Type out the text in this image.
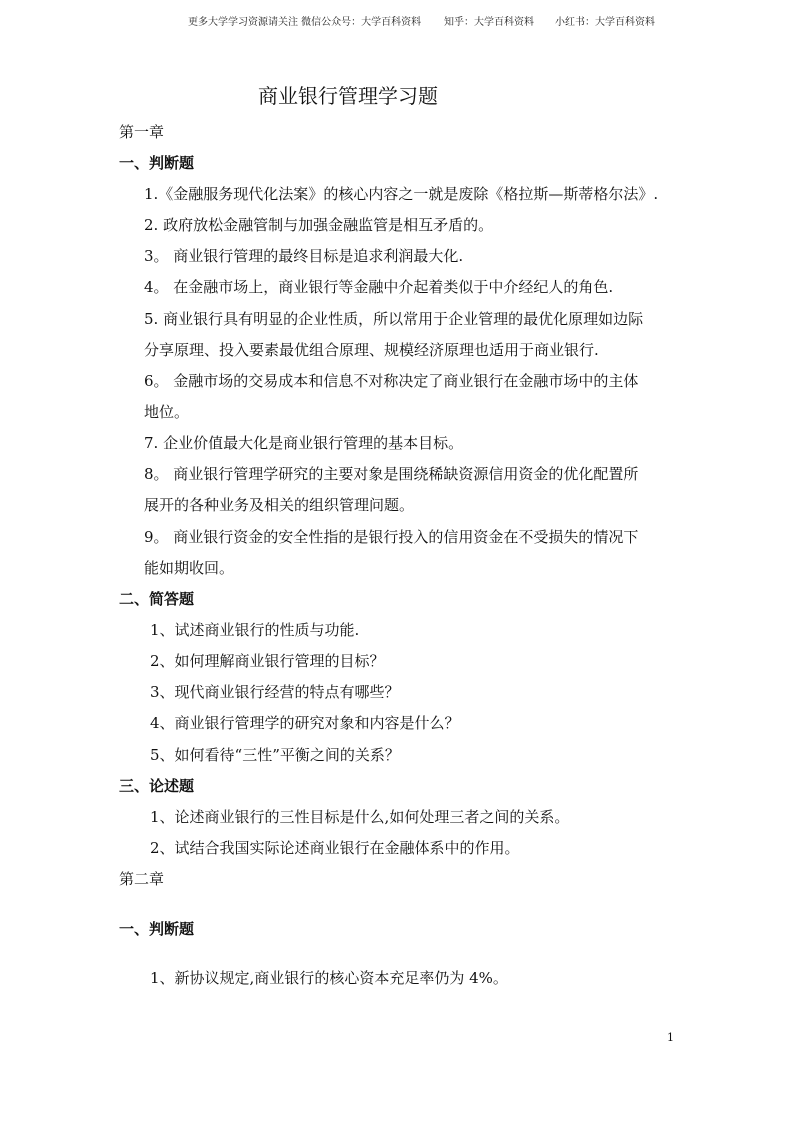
更多大学学习资源请关注 微信公众号：大学百科资料 知乎：大学百科资料 小红书：大学百科资料
商业银行管理学习题
第一章
一、判断题
1.《金融服务现代化法案》的核心内容之一就是废除《格拉斯—斯蒂格尔法》.
2. 政府放松金融管制与加强金融监管是相互矛盾的。
3。 商业银行管理的最终目标是追求利润最大化.
4。 在金融市场上，商业银行等金融中介起着类似于中介经纪人的角色.
5. 商业银行具有明显的企业性质，所以常用于企业管理的最优化原理如边际
分享原理、投入要素最优组合原理、规模经济原理也适用于商业银行.
6。 金融市场的交易成本和信息不对称决定了商业银行在金融市场中的主体
地位。
7. 企业价值最大化是商业银行管理的基本目标。
8。 商业银行管理学研究的主要对象是围绕稀缺资源信用资金的优化配置所
展开的各种业务及相关的组织管理问题。
9。 商业银行资金的安全性指的是银行投入的信用资金在不受损失的情况下
能如期收回。
二、简答题
1、试述商业银行的性质与功能.
2、如何理解商业银行管理的目标？
3、现代商业银行经营的特点有哪些？
4、商业银行管理学的研究对象和内容是什么？
5、如何看待“三性”平衡之间的关系？
三、论述题
1、论述商业银行的三性目标是什么,如何处理三者之间的关系。
2、试结合我国实际论述商业银行在金融体系中的作用。
第二章
一、判断题
1、新协议规定,商业银行的核心资本充足率仍为 4%。
1
